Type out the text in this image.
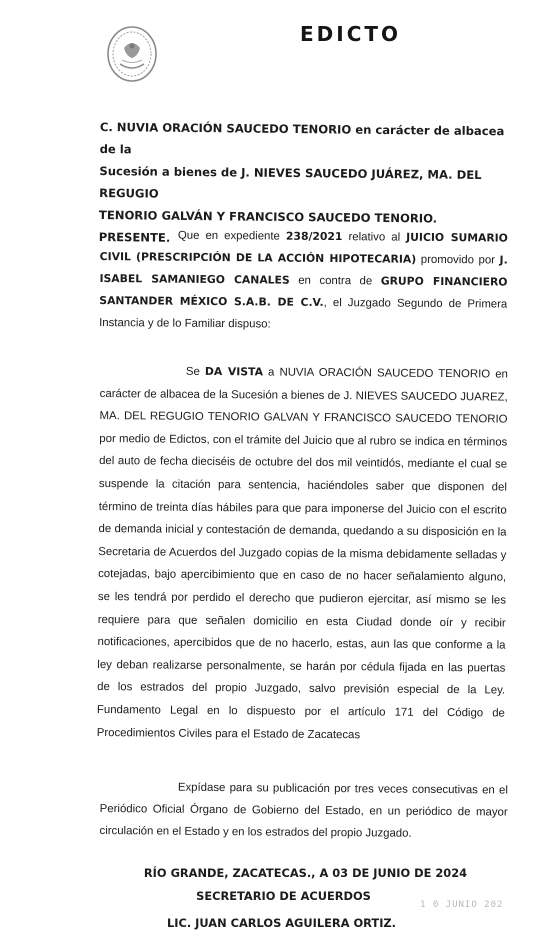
EDICTO
C. NUVIA ORACIÓN SAUCEDO TENORIO en carácter de albacea de la
Sucesión a bienes de J. NIEVES SAUCEDO JUÁREZ, MA. DEL REGUGIO
TENORIO GALVÁN Y FRANCISCO SAUCEDO TENORIO.
PRESENTE. Que en expediente 238/2021 relativo al JUICIO SUMARIO CIVIL (PRESCRIPCIÓN DE LA ACCIÓN HIPOTECARIA) promovido por J. ISABEL SAMANIEGO CANALES en contra de GRUPO FINANCIERO SANTANDER MÉXICO S.A.B. DE C.V., el Juzgado Segundo de Primera Instancia y de lo Familiar dispuso:
Se DA VISTA a NUVIA ORACIÓN SAUCEDO TENORIO en carácter de albacea de la Sucesión a bienes de J. NIEVES SAUCEDO JUAREZ, MA. DEL REGUGIO TENORIO GALVAN Y FRANCISCO SAUCEDO TENORIO por medio de Edictos, con el trámite del Juicio que al rubro se indica en términos del auto de fecha dieciséis de octubre del dos mil veintidós, mediante el cual se suspende la citación para sentencia, haciéndoles saber que disponen del término de treinta días hábiles para que para imponerse del Juicio con el escrito de demanda inicial y contestación de demanda, quedando a su disposición en la Secretaria de Acuerdos del Juzgado copias de la misma debidamente selladas y cotejadas, bajo apercibimiento que en caso de no hacer señalamiento alguno, se les tendrá por perdido el derecho que pudieron ejercitar, así mismo se les requiere para que señalen domicilio en esta Ciudad donde oír y recibir notificaciones, apercibidos que de no hacerlo, estas, aun las que conforme a la ley deban realizarse personalmente, se harán por cédula fijada en las puertas de los estrados del propio Juzgado, salvo previsión especial de la Ley. Fundamento Legal en lo dispuesto por el artículo 171 del Código de Procedimientos Civiles para el Estado de Zacatecas
Expídase para su publicación por tres veces consecutivas en el Periódico Oficial Órgano de Gobierno del Estado, en un periódico de mayor circulación en el Estado y en los estrados del propio Juzgado.
RÍO GRANDE, ZACATECAS., A 03 DE JUNIO DE 2024
SECRETARIO DE ACUERDOS
LIC. JUAN CARLOS AGUILERA ORTIZ.
1 0 JUNIO 202
